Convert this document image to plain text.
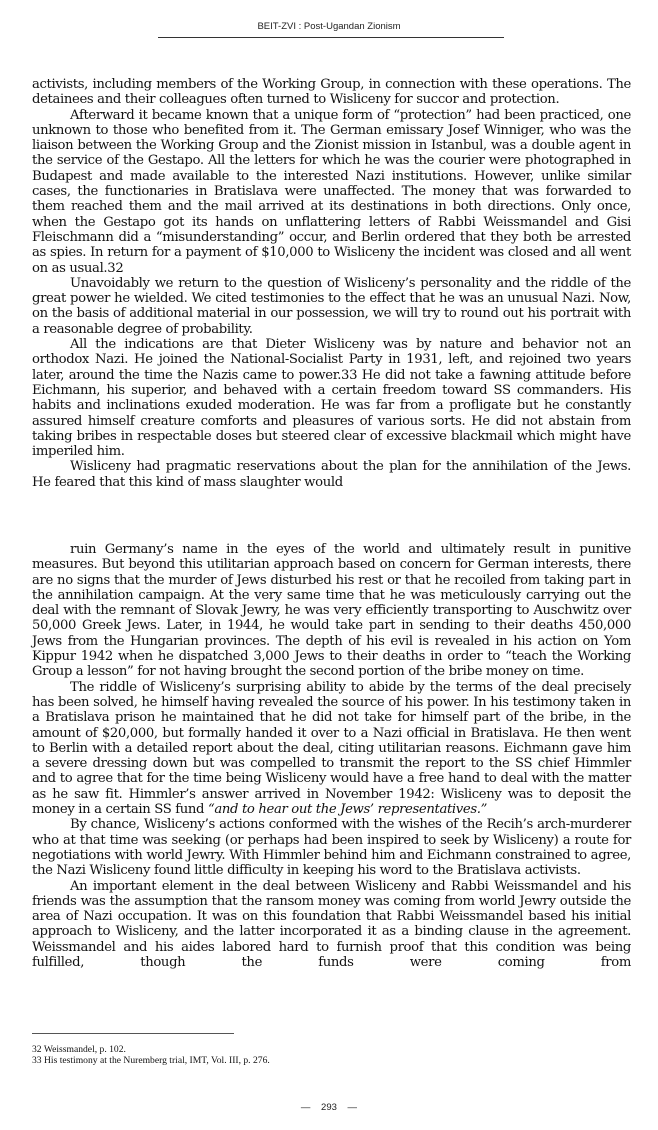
BEIT-ZVI : Post-Ugandan Zionism

activists, including members of the Working Group, in connection with these operations. The detainees and their colleagues often turned to Wisliceny for succor and protection.

Afterward it became known that a unique form of “protection” had been practiced, one unknown to those who benefited from it. The German emissary Josef Winniger, who was the liaison between the Working Group and the Zionist mission in Istanbul, was a double agent in the service of the Gestapo. All the letters for which he was the courier were photographed in Budapest and made available to the interested Nazi institutions. However, unlike similar cases, the functionaries in Bratislava were unaffected. The money that was forwarded to them reached them and the mail arrived at its destinations in both directions. Only once, when the Gestapo got its hands on unflattering letters of Rabbi Weissmandel and Gisi Fleischmann did a “misunderstanding” occur, and Berlin ordered that they both be arrested as spies. In return for a payment of $10,000 to Wisliceny the incident was closed and all went on as usual.32

Unavoidably we return to the question of Wisliceny’s personality and the riddle of the great power he wielded. We cited testimonies to the effect that he was an unusual Nazi. Now, on the basis of additional material in our possession, we will try to round out his portrait with a reasonable degree of probability.

All the indications are that Dieter Wisliceny was by nature and behavior not an orthodox Nazi. He joined the National-Socialist Party in 1931, left, and rejoined two years later, around the time the Nazis came to power.33 He did not take a fawning attitude before Eichmann, his superior, and behaved with a certain freedom toward SS commanders. His habits and inclinations exuded moderation. He was far from a profligate but he constantly assured himself creature comforts and pleasures of various sorts. He did not abstain from taking bribes in respectable doses but steered clear of excessive blackmail which might have imperiled him.

Wisliceny had pragmatic reservations about the plan for the annihilation of the Jews. He feared that this kind of mass slaughter would

ruin Germany’s name in the eyes of the world and ultimately result in punitive measures. But beyond this utilitarian approach based on concern for German interests, there are no signs that the murder of Jews disturbed his rest or that he recoiled from taking part in the annihilation campaign. At the very same time that he was meticulously carrying out the deal with the remnant of Slovak Jewry, he was very efficiently transporting to Auschwitz over 50,000 Greek Jews. Later, in 1944, he would take part in sending to their deaths 450,000 Jews from the Hungarian provinces. The depth of his evil is revealed in his action on Yom Kippur 1942 when he dispatched 3,000 Jews to their deaths in order to “teach the Working Group a lesson” for not having brought the second portion of the bribe money on time.

The riddle of Wisliceny’s surprising ability to abide by the terms of the deal precisely has been solved, he himself having revealed the source of his power. In his testimony taken in a Bratislava prison he maintained that he did not take for himself part of the bribe, in the amount of $20,000, but formally handed it over to a Nazi official in Bratislava. He then went to Berlin with a detailed report about the deal, citing utilitarian reasons. Eichmann gave him a severe dressing down but was compelled to transmit the report to the SS chief Himmler and to agree that for the time being Wisliceny would have a free hand to deal with the matter as he saw fit. Himmler’s answer arrived in November 1942: Wisliceny was to deposit the money in a certain SS fund “and to hear out the Jews’ representatives.”

By chance, Wisliceny’s actions conformed with the wishes of the Recih’s arch-murderer who at that time was seeking (or perhaps had been inspired to seek by Wisliceny) a route for negotiations with world Jewry. With Himmler behind him and Eichmann constrained to agree, the Nazi Wisliceny found little difficulty in keeping his word to the Bratislava activists.

An important element in the deal between Wisliceny and Rabbi Weissmandel and his friends was the assumption that the ransom money was coming from world Jewry outside the area of Nazi occupation. It was on this foundation that Rabbi Weissmandel based his initial approach to Wisliceny, and the latter incorporated it as a binding clause in the agreement. Weissmandel and his aides labored hard to furnish proof that this condition was being fulfilled, though the funds were coming from

32 Weissmandel, p. 102.

33 His testimony at the Nuremberg trial, IMT, Vol. III, p. 276.

— 293 —
